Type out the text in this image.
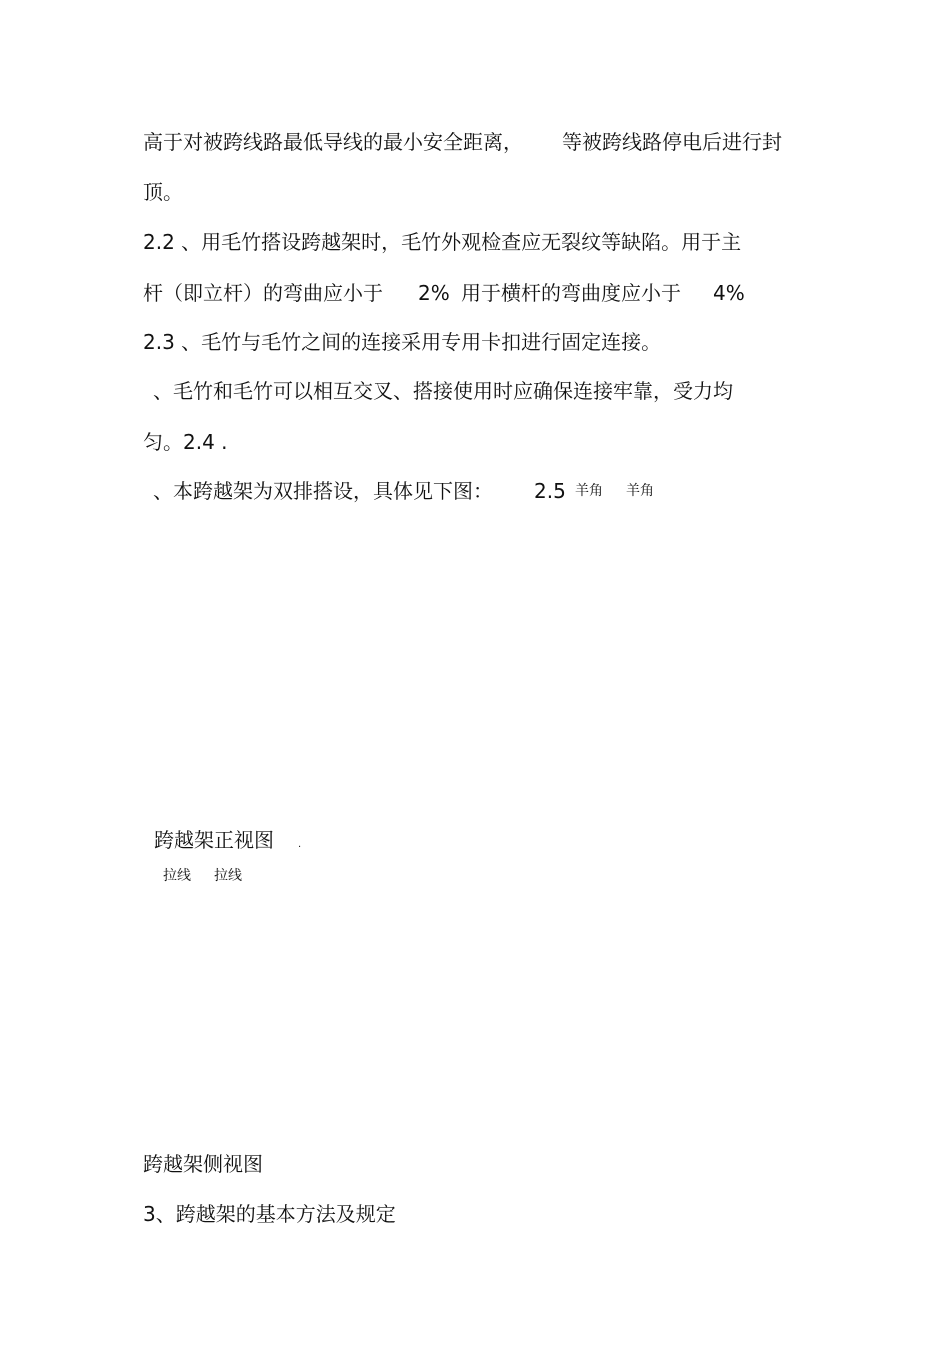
高于对被跨线路最低导线的最小安全距离， 等被跨线路停电后进行封
顶。
2.2 、用毛竹搭设跨越架时，毛竹外观检查应无裂纹等缺陷。用于主
杆（即立杆）的弯曲应小于 2% 用于横杆的弯曲度应小于 4%
2.3 、毛竹与毛竹之间的连接采用专用卡扣进行固定连接。
、毛竹和毛竹可以相互交叉、搭接使用时应确保连接牢靠，受力均
匀。2.4 .
、本跨越架为双排搭设，具体见下图： 2.5 羊角 羊角
跨越架正视图 .
拉线 拉线
跨越架侧视图
3、跨越架的基本方法及规定
